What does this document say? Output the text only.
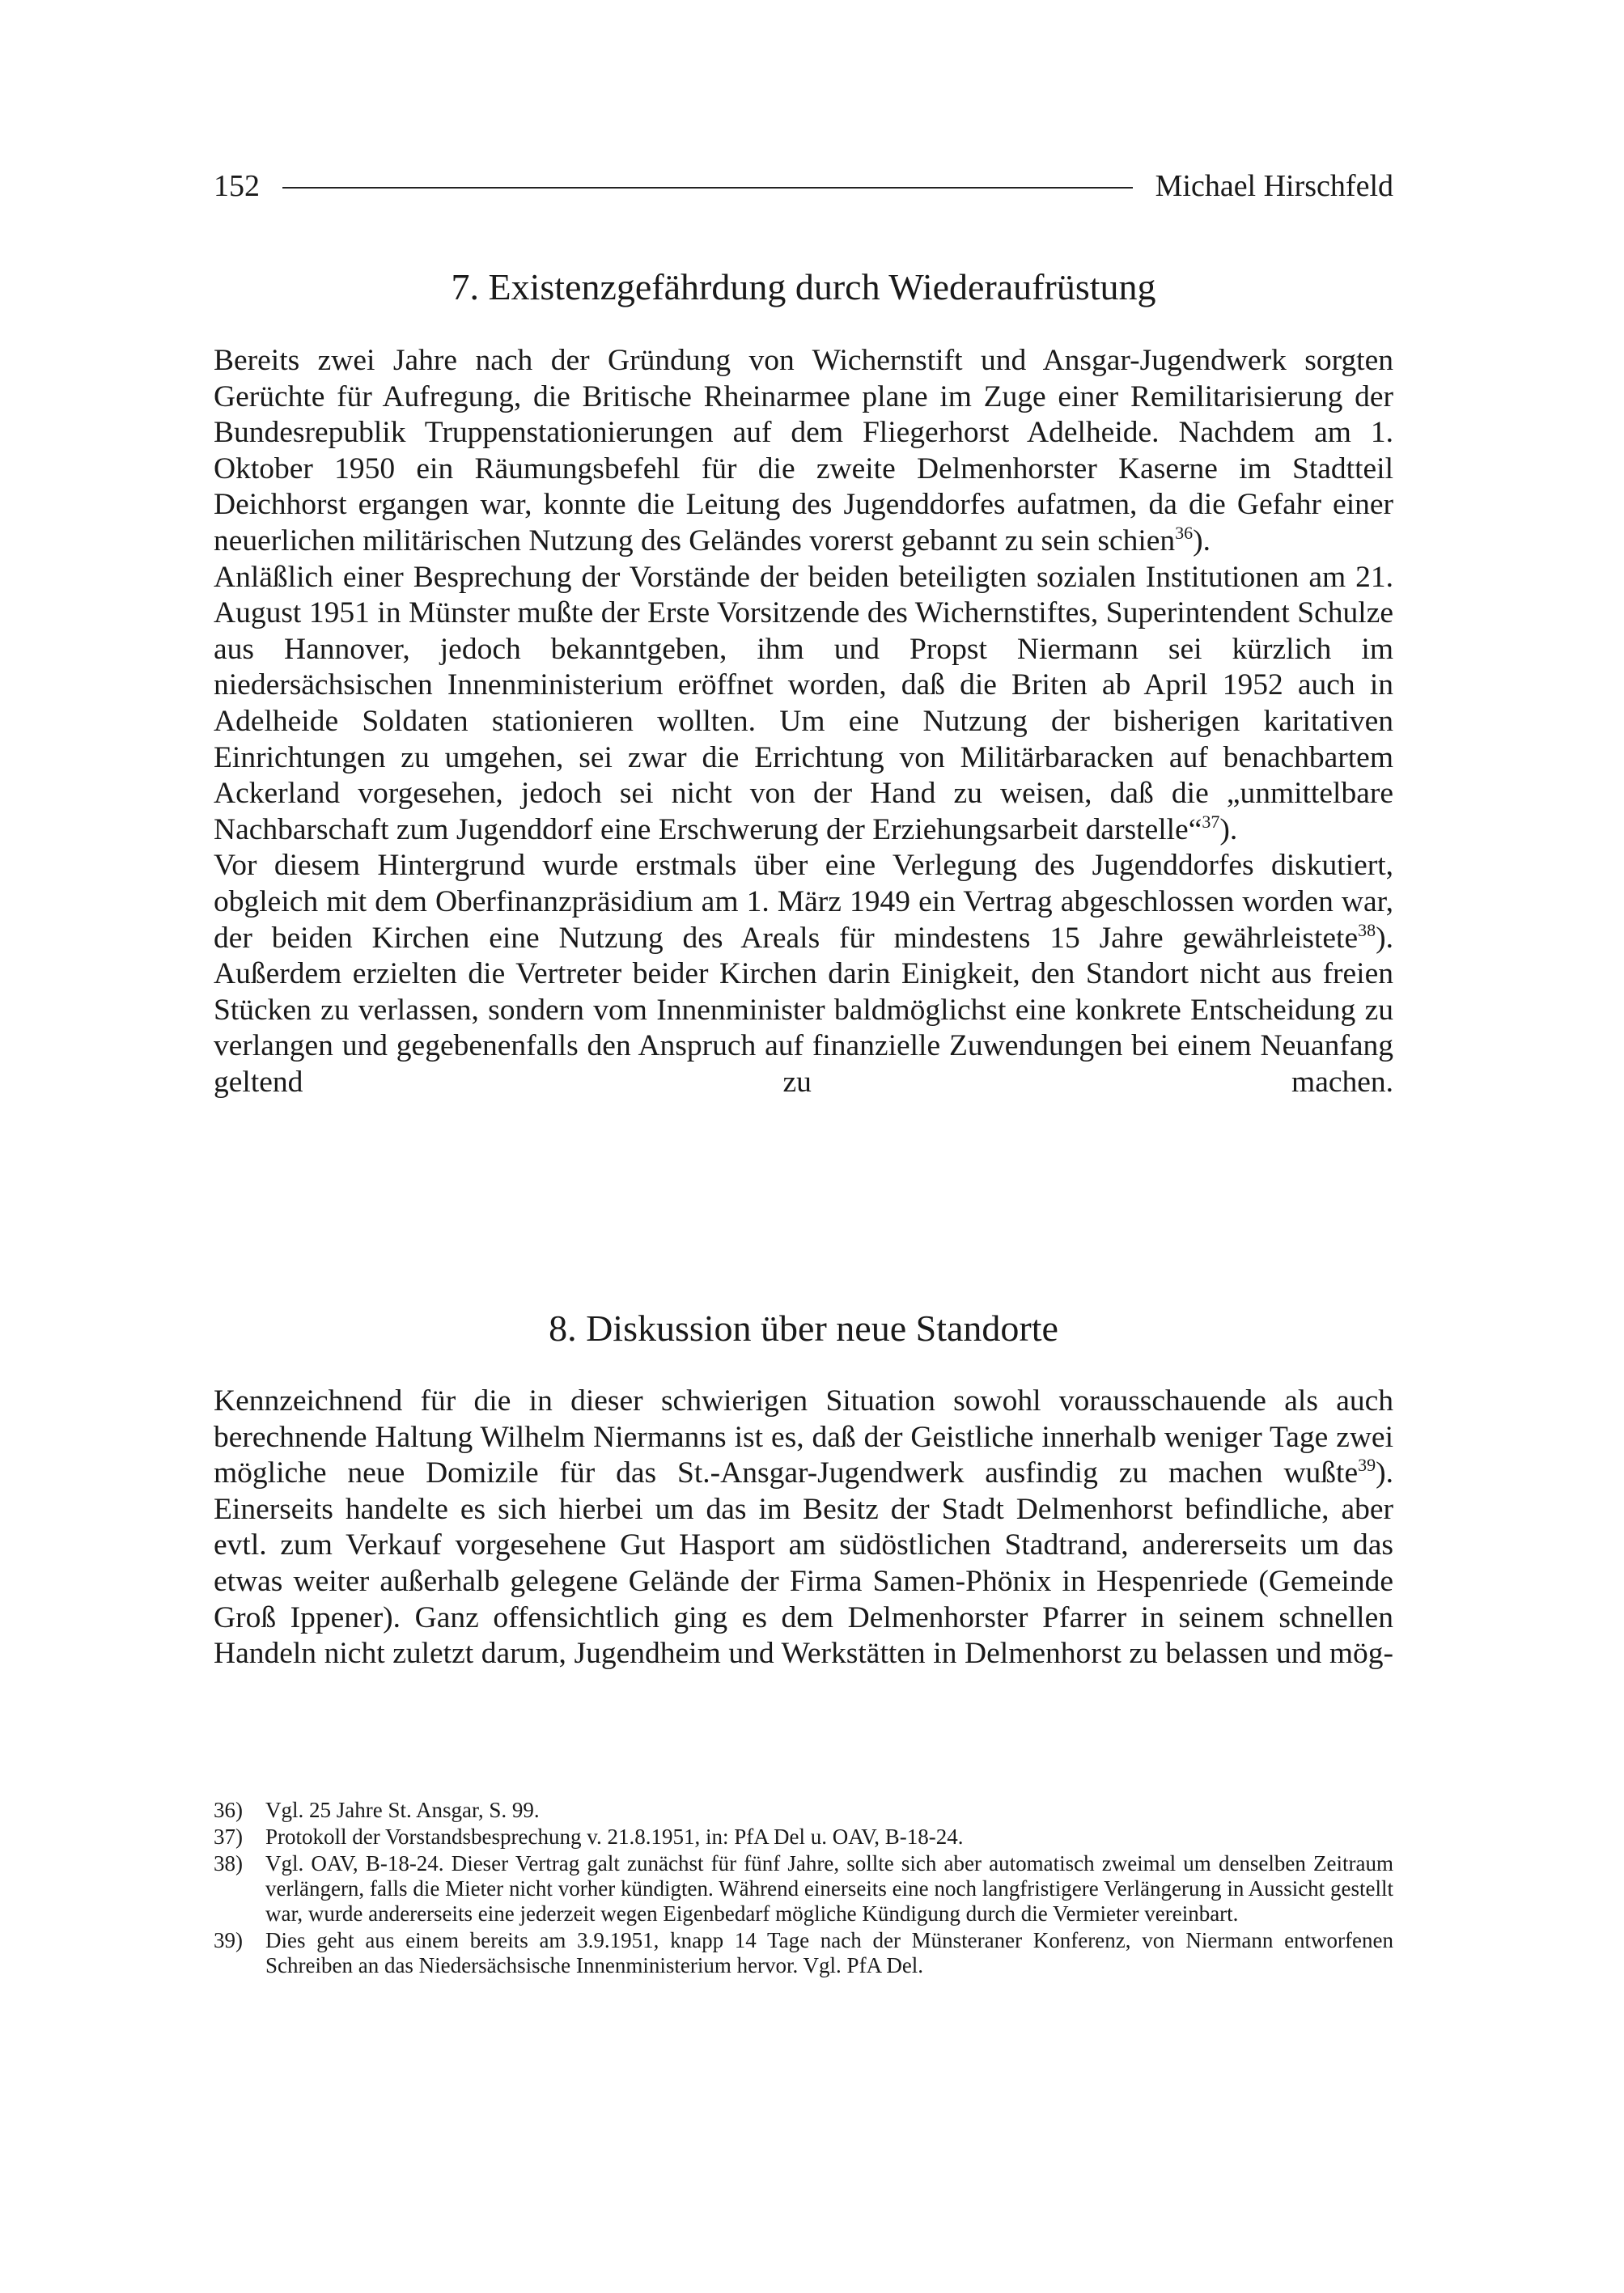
152	Michael Hirschfeld
7. Existenzgefährdung durch Wiederaufrüstung

Bereits zwei Jahre nach der Gründung von Wichernstift und Ansgar-Jugendwerk sorgten Gerüchte für Aufregung, die Britische Rheinarmee plane im Zuge einer Remilitarisierung der Bundesrepublik Truppenstationierungen auf dem Fliegerhorst Adelheide. Nachdem am 1. Oktober 1950 ein Räumungsbefehl für die zweite Delmenhorster Kaserne im Stadtteil Deichhorst ergangen war, konnte die Leitung des Jugenddorfes aufatmen, da die Gefahr einer neuerlichen militärischen Nutzung des Geländes vorerst gebannt zu sein schien$^{36}$).

Anläßlich einer Besprechung der Vorstände der beiden beteiligten sozialen Institutionen am 21. August 1951 in Münster mußte der Erste Vorsitzende des Wichernstiftes, Superintendent Schulze aus Hannover, jedoch bekanntgeben, ihm und Propst Niermann sei kürzlich im niedersächsischen Innenministerium eröffnet worden, daß die Briten ab April 1952 auch in Adelheide Soldaten stationieren wollten. Um eine Nutzung der bisherigen karitativen Einrichtungen zu umgehen, sei zwar die Errichtung von Militärbaracken auf benachbartem Ackerland vorgesehen, jedoch sei nicht von der Hand zu weisen, daß die „unmittelbare Nachbarschaft zum Jugenddorf eine Erschwerung der Erziehungsarbeit darstelle“$^{37}$).

Vor diesem Hintergrund wurde erstmals über eine Verlegung des Jugenddorfes diskutiert, obgleich mit dem Oberfinanzpräsidium am 1. März 1949 ein Vertrag abgeschlossen worden war, der beiden Kirchen eine Nutzung des Areals für mindestens 15 Jahre gewährleistete$^{38}$). Außerdem erzielten die Vertreter beider Kirchen darin Einigkeit, den Standort nicht aus freien Stücken zu verlassen, sondern vom Innenminister baldmöglichst eine konkrete Entscheidung zu verlangen und gegebenenfalls den Anspruch auf finanzielle Zuwendungen bei einem Neuanfang geltend zu machen.

8. Diskussion über neue Standorte

Kennzeichnend für die in dieser schwierigen Situation sowohl vorausschauende als auch berechnende Haltung Wilhelm Niermanns ist es, daß der Geistliche innerhalb weniger Tage zwei mögliche neue Domizile für das St.-Ansgar-Jugendwerk ausfindig zu machen wußte$^{39}$). Einerseits handelte es sich hierbei um das im Besitz der Stadt Delmenhorst befindliche, aber evtl. zum Verkauf vorgesehene Gut Hasport am südöstlichen Stadtrand, andererseits um das etwas weiter außerhalb gelegene Gelände der Firma Samen-Phönix in Hespenriede (Gemeinde Groß Ippener). Ganz offensichtlich ging es dem Delmenhorster Pfarrer in seinem schnellen Handeln nicht zuletzt darum, Jugendheim und Werkstätten in Delmenhorst zu belassen und mög-

36)	Vgl. 25 Jahre St. Ansgar, S. 99.
37)	Protokoll der Vorstandsbesprechung v. 21.8.1951, in: PfA Del u. OAV, B-18-24.
38)	Vgl. OAV, B-18-24. Dieser Vertrag galt zunächst für fünf Jahre, sollte sich aber automatisch zweimal um denselben Zeitraum verlängern, falls die Mieter nicht vorher kündigten. Während einerseits eine noch langfristigere Verlängerung in Aussicht gestellt war, wurde andererseits eine jederzeit wegen Eigenbedarf mögliche Kündigung durch die Vermieter vereinbart.
39)	Dies geht aus einem bereits am 3.9.1951, knapp 14 Tage nach der Münsteraner Konferenz, von Niermann entworfenen Schreiben an das Niedersächsische Innenministerium hervor. Vgl. PfA Del.
